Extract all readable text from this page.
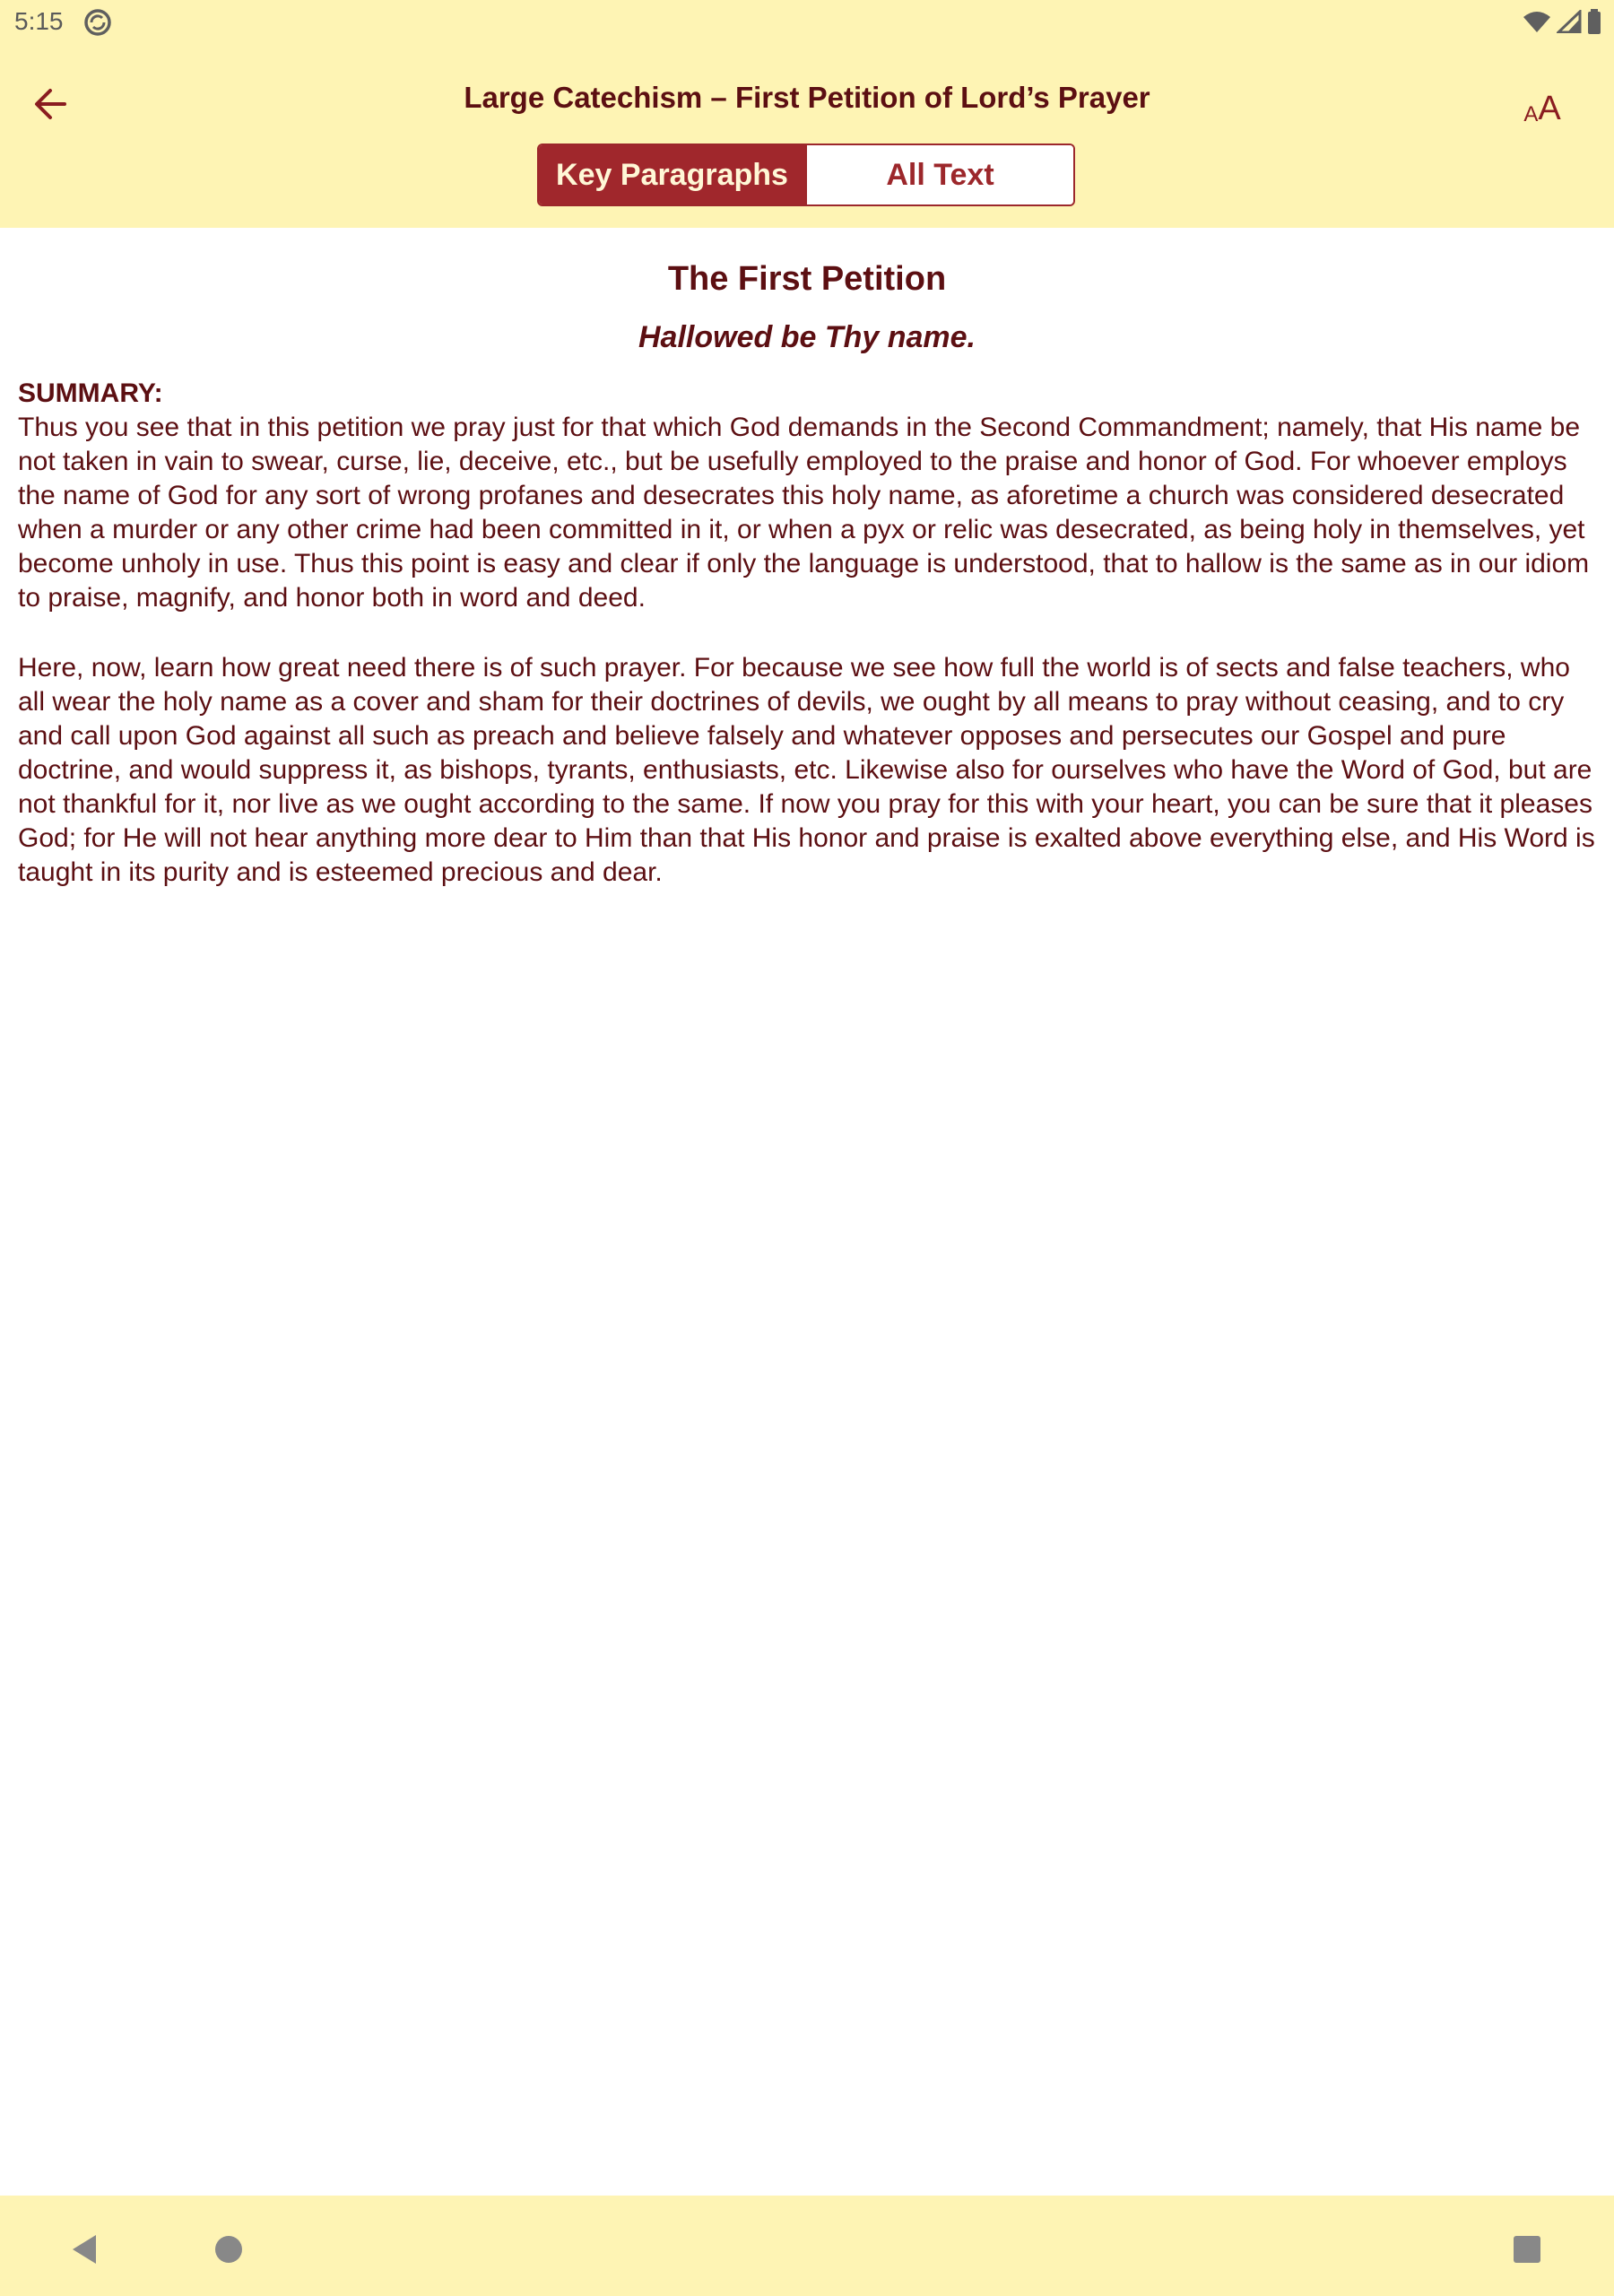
5:15
Large Catechism – First Petition of Lord’s Prayer
A A
Key Paragraphs	All Text
The First Petition
Hallowed be Thy name.
SUMMARY:

Thus you see that in this petition we pray just for that which God demands in the Second Commandment; namely, that His name be not taken in vain to swear, curse, lie, deceive, etc., but be usefully employed to the praise and honor of God. For whoever employs the name of God for any sort of wrong profanes and desecrates this holy name, as aforetime a church was considered desecrated when a murder or any other crime had been committed in it, or when a pyx or relic was desecrated, as being holy in themselves, yet become unholy in use. Thus this point is easy and clear if only the language is understood, that to hallow is the same as in our idiom to praise, magnify, and honor both in word and deed.

Here, now, learn how great need there is of such prayer. For because we see how full the world is of sects and false teachers, who all wear the holy name as a cover and sham for their doctrines of devils, we ought by all means to pray without ceasing, and to cry and call upon God against all such as preach and believe falsely and whatever opposes and persecutes our Gospel and pure doctrine, and would suppress it, as bishops, tyrants, enthusiasts, etc. Likewise also for ourselves who have the Word of God, but are not thankful for it, nor live as we ought according to the same. If now you pray for this with your heart, you can be sure that it pleases God; for He will not hear anything more dear to Him than that His honor and praise is exalted above everything else, and His Word is taught in its purity and is esteemed precious and dear.
